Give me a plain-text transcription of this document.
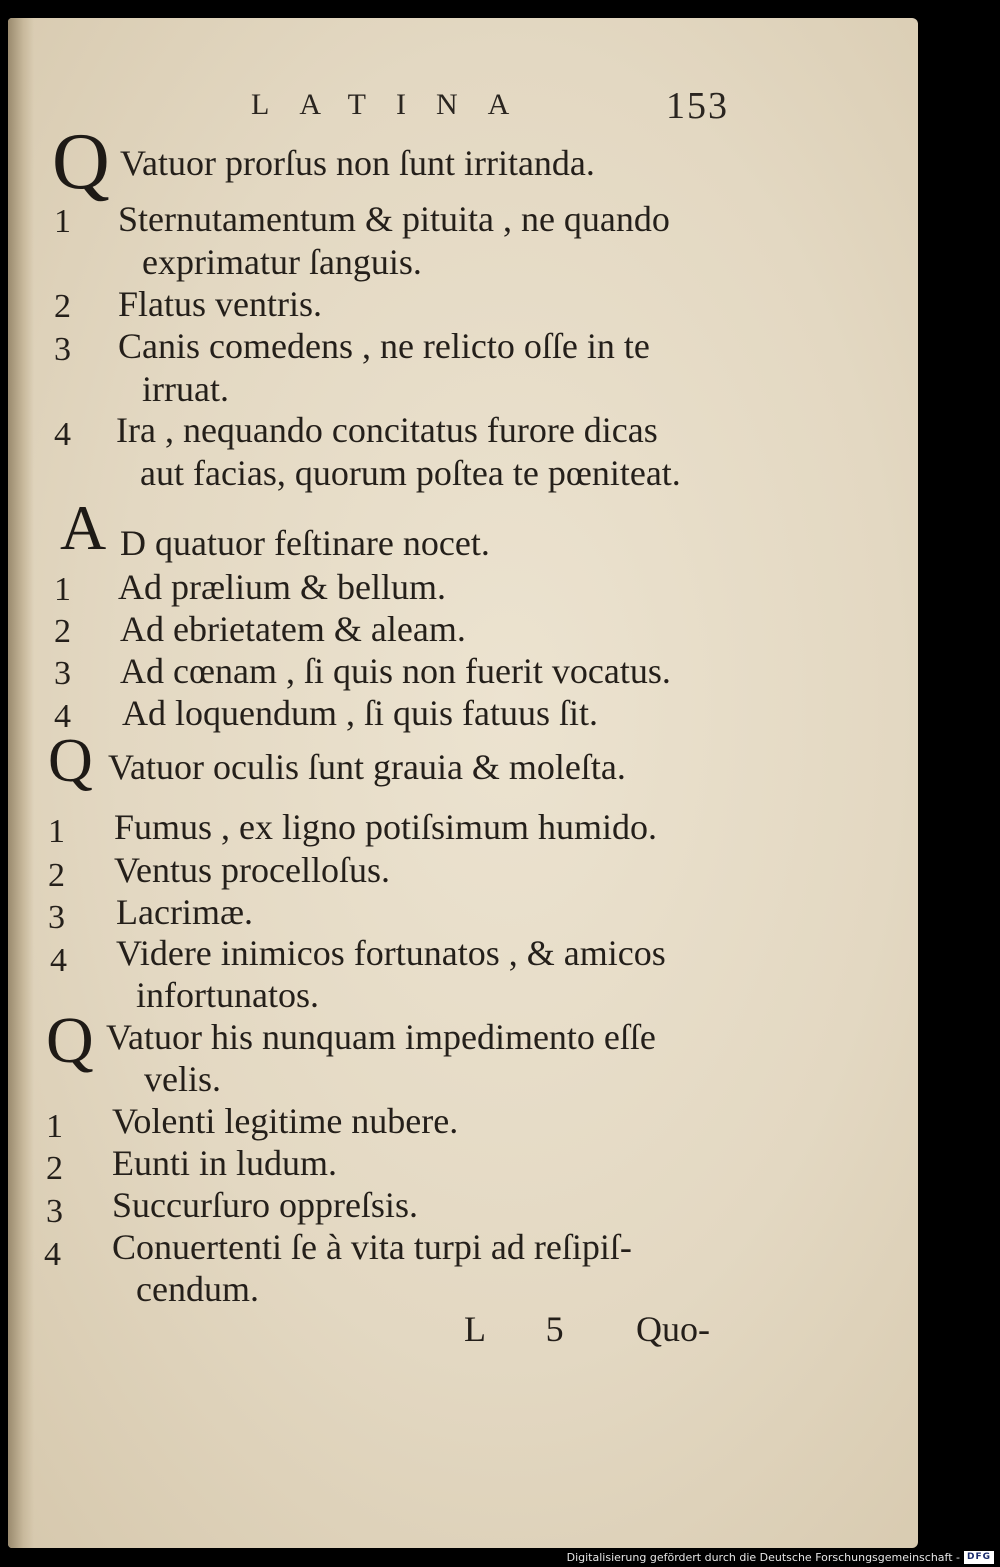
LATINA	153
Q Vatuor prorſus non ſunt irritanda.
1 Sternutamentum & pituita , ne quando
exprimatur ſanguis.
2 Flatus ventris.
3 Canis comedens , ne relicto oſſe in te
irruat.
4 Ira , nequando concitatus furore dicas
aut facias, quorum poſtea te pœniteat.
A D quatuor feſtinare nocet.
1 Ad prælium & bellum.
2 Ad ebrietatem & aleam.
3 Ad cœnam , ſi quis non fuerit vocatus.
4 Ad loquendum , ſi quis fatuus ſit.
Q Vatuor oculis ſunt grauia & moleſta.
1 Fumus , ex ligno potiſsimum humido.
2 Ventus procelloſus.
3 Lacrimæ.
4 Videre inimicos fortunatos , & amicos
infortunatos.
Q Vatuor his nunquam impedimento eſſe
velis.
1 Volenti legitime nubere.
2 Eunti in ludum.
3 Succurſuro oppreſsis.
4 Conuertenti ſe à vita turpi ad reſipiſ-
cendum.
L 5 Quo-
Digitalisierung gefördert durch die Deutsche Forschungsgemeinschaft - DFG
